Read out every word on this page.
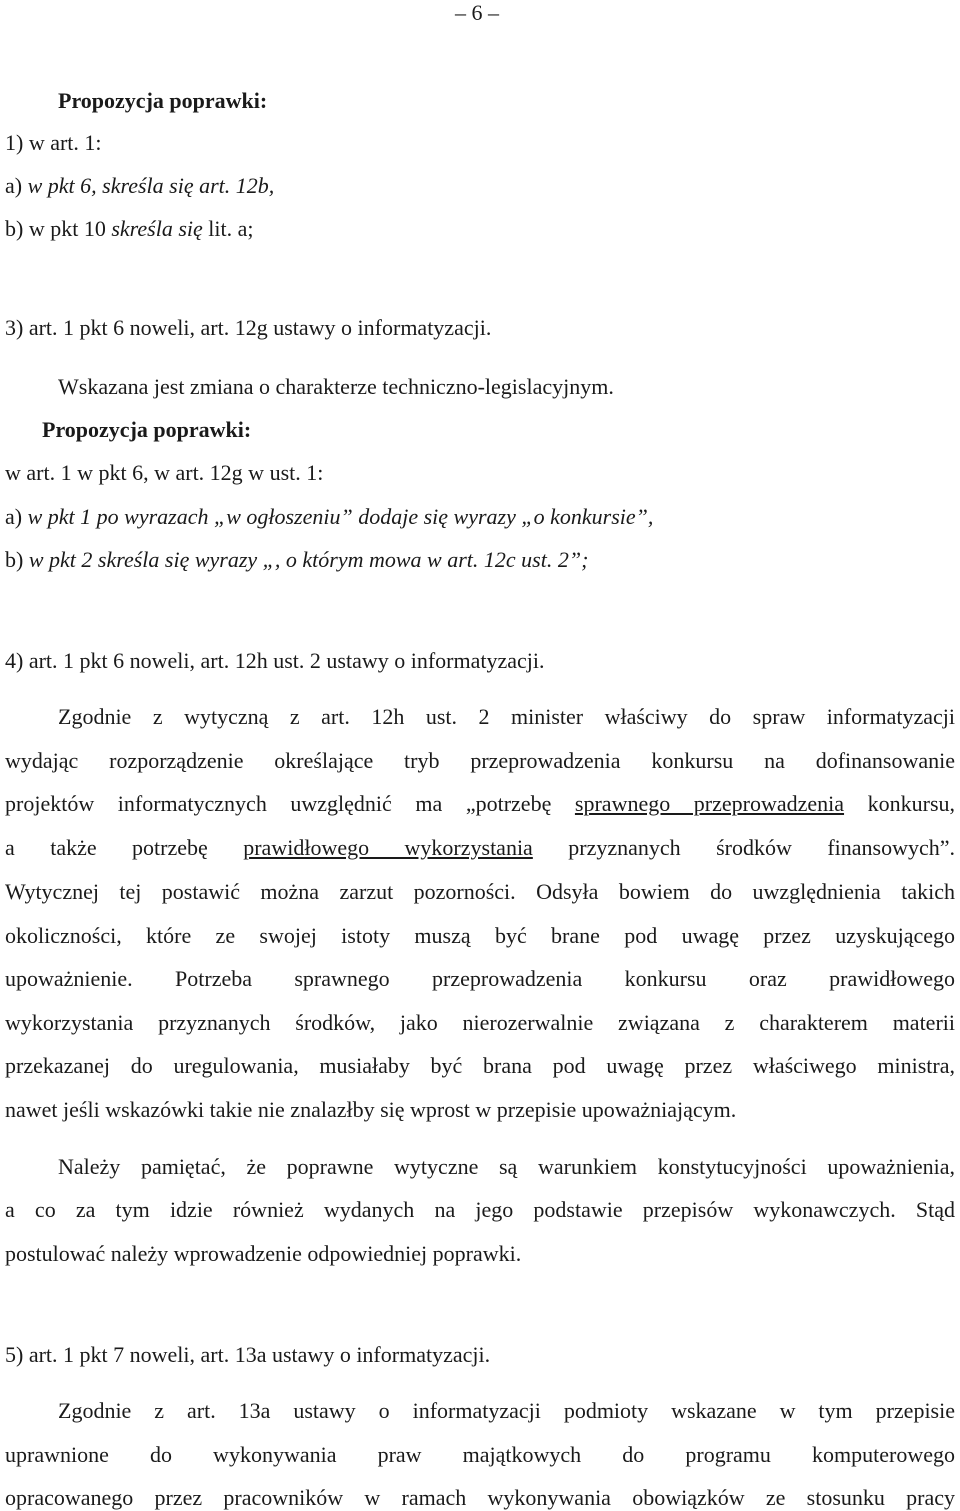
– 6 –
Propozycja poprawki:
1) w art. 1:
a) w pkt 6, skreśla się art. 12b,
b) w pkt 10 skreśla się lit. a;
3) art. 1 pkt 6 noweli, art. 12g ustawy o informatyzacji.
Wskazana jest zmiana o charakterze techniczno-legislacyjnym.
Propozycja poprawki:
w art. 1 w pkt 6, w art. 12g w ust. 1:
a) w pkt 1 po wyrazach „w ogłoszeniu” dodaje się wyrazy „o konkursie”,
b) w pkt 2 skreśla się wyrazy „, o którym mowa w art. 12c ust. 2”;
4) art. 1 pkt 6 noweli, art. 12h ust. 2 ustawy o informatyzacji.
Zgodnie z wytyczną z art. 12h ust. 2 minister właściwy do spraw informatyzacji
wydając rozporządzenie określające tryb przeprowadzenia konkursu na dofinansowanie
projektów informatycznych uwzględnić ma „potrzebę sprawnego przeprowadzenia konkursu,
a także potrzebę prawidłowego wykorzystania przyznanych środków finansowych”.
Wytycznej tej postawić można zarzut pozorności. Odsyła bowiem do uwzględnienia takich
okoliczności, które ze swojej istoty muszą być brane pod uwagę przez uzyskującego
upoważnienie. Potrzeba sprawnego przeprowadzenia konkursu oraz prawidłowego
wykorzystania przyznanych środków, jako nierozerwalnie związana z charakterem materii
przekazanej do uregulowania, musiałaby być brana pod uwagę przez właściwego ministra,
nawet jeśli wskazówki takie nie znalazłby się wprost w przepisie upoważniającym.
Należy pamiętać, że poprawne wytyczne są warunkiem konstytucyjności upoważnienia,
a co za tym idzie również wydanych na jego podstawie przepisów wykonawczych. Stąd
postulować należy wprowadzenie odpowiedniej poprawki.
5) art. 1 pkt 7 noweli, art. 13a ustawy o informatyzacji.
Zgodnie z art. 13a ustawy o informatyzacji podmioty wskazane w tym przepisie
uprawnione do wykonywania praw majątkowych do programu komputerowego
opracowanego przez pracowników w ramach wykonywania obowiązków ze stosunku pracy
